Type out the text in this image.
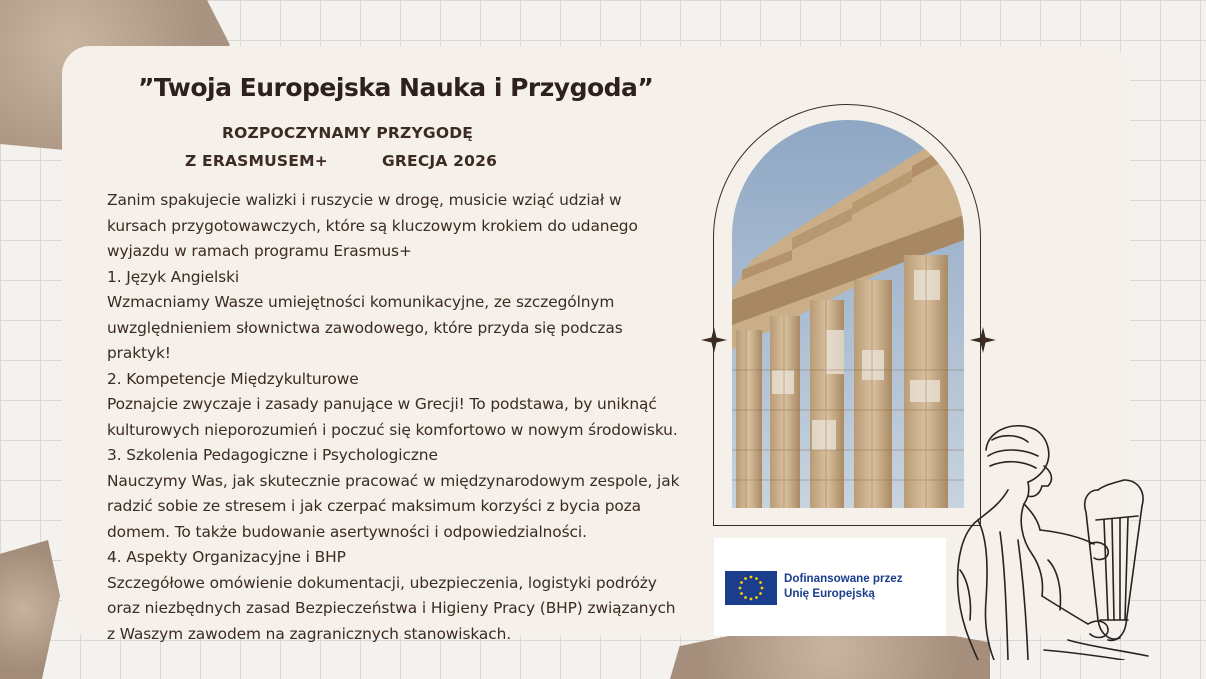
”Twoja Europejska Nauka i Przygoda”
ROZPOCZYNAMY PRZYGODĘ
Z ERASMUSEM+	GRECJA 2026
Zanim spakujecie walizki i ruszycie w drogę, musicie wziąć udział w
kursach przygotowawczych, które są kluczowym krokiem do udanego
wyjazdu w ramach programu Erasmus+
1. Język Angielski
Wzmacniamy Wasze umiejętności komunikacyjne, ze szczególnym
uwzględnieniem słownictwa zawodowego, które przyda się podczas
praktyk!
2. Kompetencje Międzykulturowe
Poznajcie zwyczaje i zasady panujące w Grecji! To podstawa, by uniknąć
kulturowych nieporozumień i poczuć się komfortowo w nowym środowisku.
3. Szkolenia Pedagogiczne i Psychologiczne
Nauczymy Was, jak skutecznie pracować w międzynarodowym zespole, jak
radzić sobie ze stresem i jak czerpać maksimum korzyści z bycia poza
domem. To także budowanie asertywności i odpowiedzialności.
4. Aspekty Organizacyjne i BHP
Szczegółowe omówienie dokumentacji, ubezpieczenia, logistyki podróży
oraz niezbędnych zasad Bezpieczeństwa i Higieny Pracy (BHP) związanych
z Waszym zawodem na zagranicznych stanowiskach.
Dofinansowane przez
Unię Europejską
